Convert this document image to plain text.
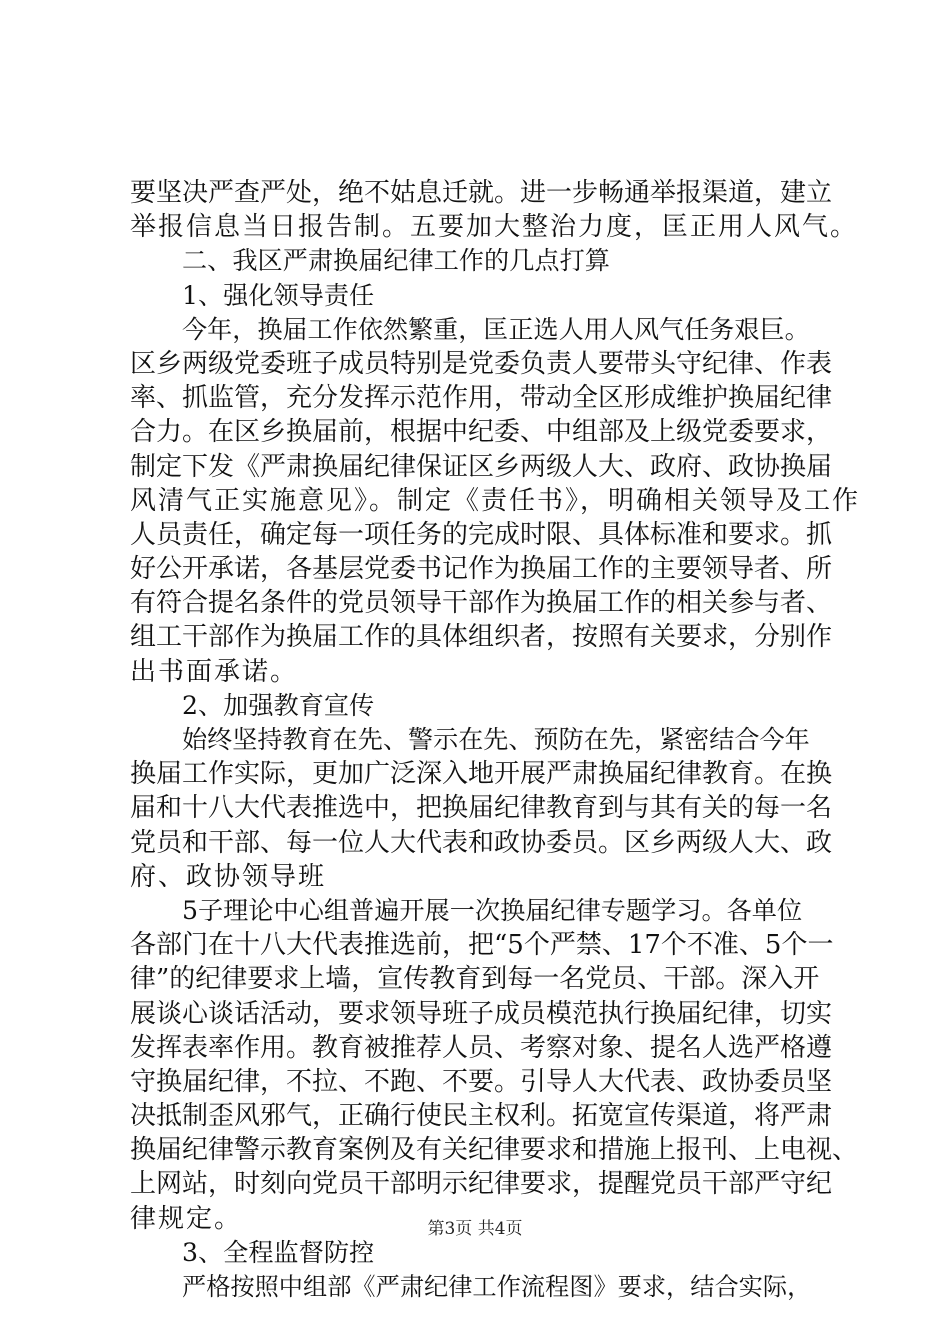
要坚决严查严处，绝不姑息迁就。进一步畅通举报渠道，建立
举报信息当日报告制。五要加大整治力度，匡正用人风气。
二、我区严肃换届纪律工作的几点打算
1、强化领导责任
今年，换届工作依然繁重，匡正选人用人风气任务艰巨。
区乡两级党委班子成员特别是党委负责人要带头守纪律、作表
率、抓监管，充分发挥示范作用，带动全区形成维护换届纪律
合力。在区乡换届前，根据中纪委、中组部及上级党委要求，
制定下发《严肃换届纪律保证区乡两级人大、政府、政协换届
风清气正实施意见》。制定《责任书》，明确相关领导及工作
人员责任，确定每一项任务的完成时限、具体标准和要求。抓
好公开承诺，各基层党委书记作为换届工作的主要领导者、所
有符合提名条件的党员领导干部作为换届工作的相关参与者、
组工干部作为换届工作的具体组织者，按照有关要求，分别作
出书面承诺。
2、加强教育宣传
始终坚持教育在先、警示在先、预防在先，紧密结合今年
换届工作实际，更加广泛深入地开展严肃换届纪律教育。在换
届和十八大代表推选中，把换届纪律教育到与其有关的每一名
党员和干部、每一位人大代表和政协委员。区乡两级人大、政
府、政协领导班
5子理论中心组普遍开展一次换届纪律专题学习。各单位
各部门在十八大代表推选前，把“5个严禁、17个不准、5个一
律”的纪律要求上墙，宣传教育到每一名党员、干部。深入开
展谈心谈话活动，要求领导班子成员模范执行换届纪律，切实
发挥表率作用。教育被推荐人员、考察对象、提名人选严格遵
守换届纪律，不拉、不跑、不要。引导人大代表、政协委员坚
决抵制歪风邪气，正确行使民主权利。拓宽宣传渠道，将严肃
换届纪律警示教育案例及有关纪律要求和措施上报刊、上电视、
上网站，时刻向党员干部明示纪律要求，提醒党员干部严守纪
律规定。
3、全程监督防控
严格按照中组部《严肃纪律工作流程图》要求，结合实际，
第3页 共4页
